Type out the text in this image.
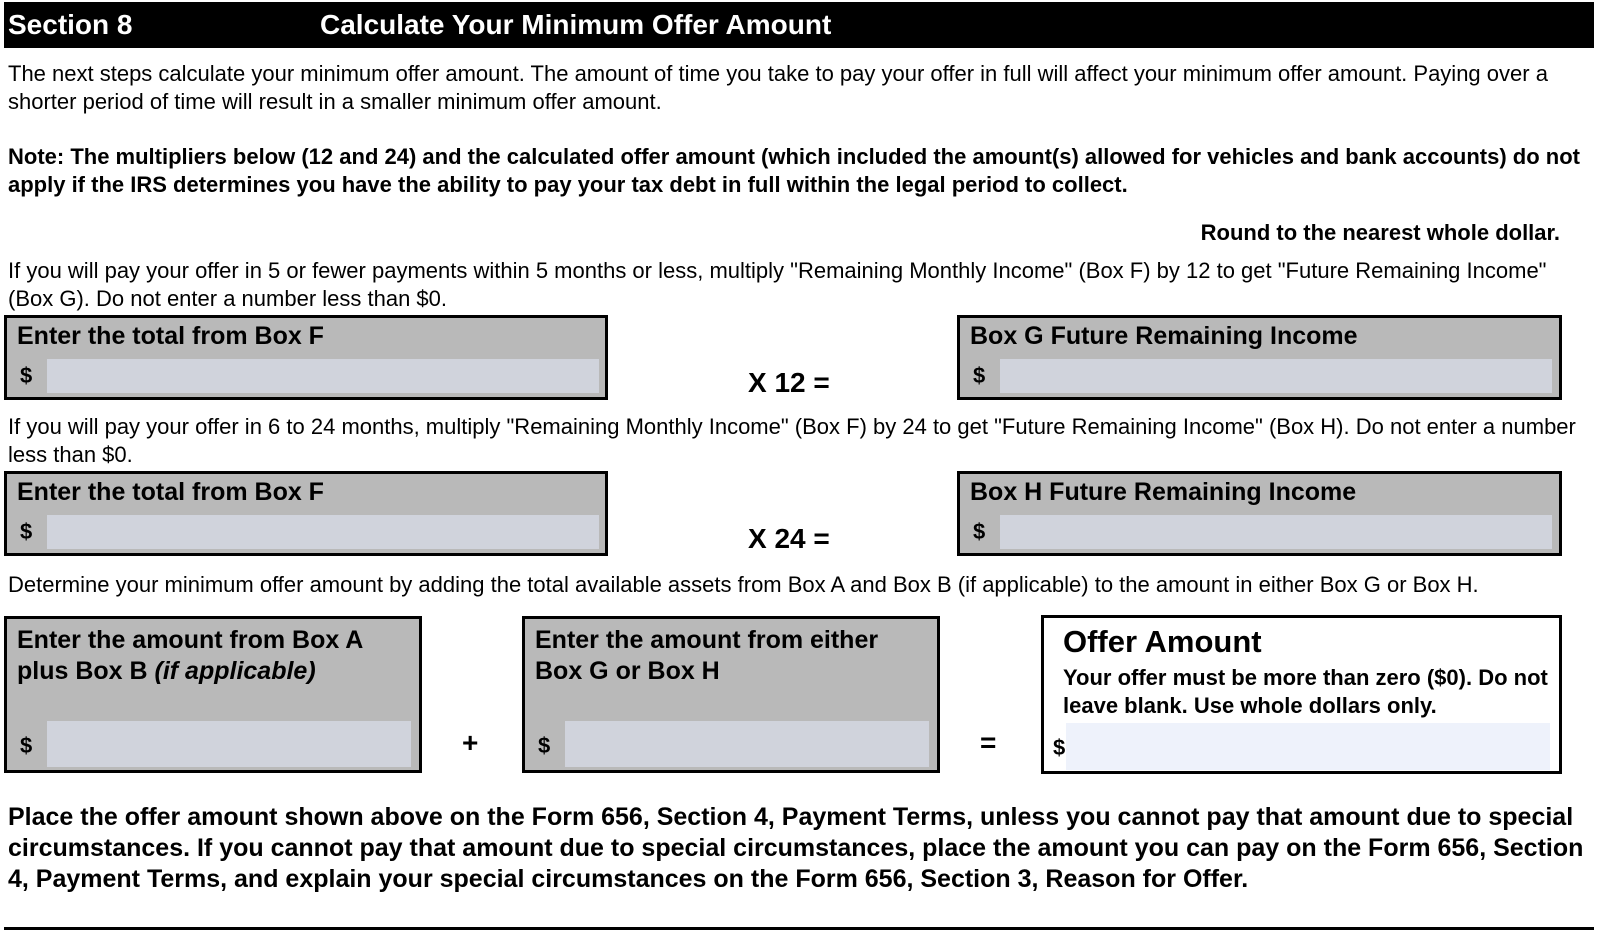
Section 8	Calculate Your Minimum Offer Amount
The next steps calculate your minimum offer amount. The amount of time you take to pay your offer in full will affect your minimum offer amount. Paying over a shorter period of time will result in a smaller minimum offer amount.
Note: The multipliers below (12 and 24) and the calculated offer amount (which included the amount(s) allowed for vehicles and bank accounts) do not apply if the IRS determines you have the ability to pay your tax debt in full within the legal period to collect.
Round to the nearest whole dollar.
If you will pay your offer in 5 or fewer payments within 5 months or less, multiply "Remaining Monthly Income" (Box F) by 12 to get "Future Remaining Income" (Box G). Do not enter a number less than $0.
Enter the total from Box F
$	X 12 =
Box G Future Remaining Income
$
If you will pay your offer in 6 to 24 months, multiply "Remaining Monthly Income" (Box F) by 24 to get "Future Remaining Income" (Box H). Do not enter a number less than $0.
Enter the total from Box F
$	X 24 =
Box H Future Remaining Income
$
Determine your minimum offer amount by adding the total available assets from Box A and Box B (if applicable) to the amount in either Box G or Box H.
Enter the amount from Box A
plus Box B (if applicable)
$	+
Enter the amount from either
Box G or Box H
$	=
Offer Amount
Your offer must be more than zero ($0). Do not leave blank. Use whole dollars only.
$
Place the offer amount shown above on the Form 656, Section 4, Payment Terms, unless you cannot pay that amount due to special circumstances. If you cannot pay that amount due to special circumstances, place the amount you can pay on the Form 656, Section 4, Payment Terms, and explain your special circumstances on the Form 656, Section 3, Reason for Offer.
